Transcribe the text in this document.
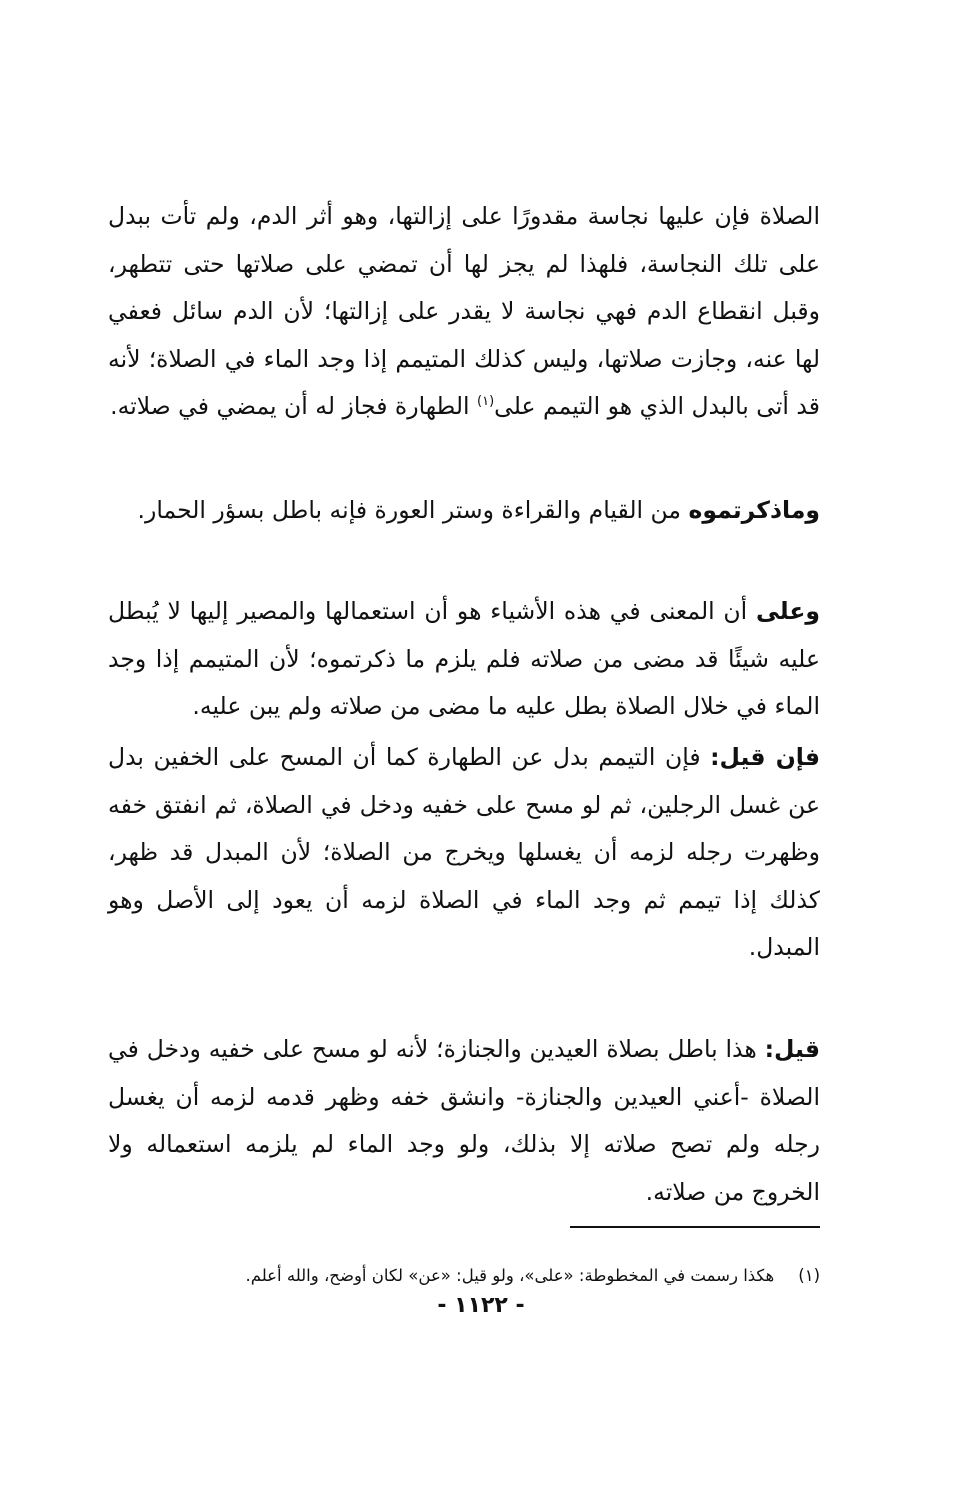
الصلاة فإن عليها نجاسة مقدورًا على إزالتها، وهو أثر الدم، ولم تأت ببدل على تلك النجاسة، فلهذا لم يجز لها أن تمضي على صلاتها حتى تتطهر، وقبل انقطاع الدم فهي نجاسة لا يقدر على إزالتها؛ لأن الدم سائل فعفي لها عنه، وجازت صلاتها، وليس كذلك المتيمم إذا وجد الماء في الصلاة؛ لأنه قد أتى بالبدل الذي هو التيمم على$^{(١)}$ الطهارة فجاز له أن يمضي في صلاته.

وماذكرتموه من القيام والقراءة وستر العورة فإنه باطل بسؤر الحمار.

وعلى أن المعنى في هذه الأشياء هو أن استعمالها والمصير إليها لا يُبطل عليه شيئًا قد مضى من صلاته فلم يلزم ما ذكرتموه؛ لأن المتيمم إذا وجد الماء في خلال الصلاة بطل عليه ما مضى من صلاته ولم يبن عليه.

فإن قيل: فإن التيمم بدل عن الطهارة كما أن المسح على الخفين بدل عن غسل الرجلين، ثم لو مسح على خفيه ودخل في الصلاة، ثم انفتق خفه وظهرت رجله لزمه أن يغسلها ويخرج من الصلاة؛ لأن المبدل قد ظهر، كذلك إذا تيمم ثم وجد الماء في الصلاة لزمه أن يعود إلى الأصل وهو المبدل.

قيل: هذا باطل بصلاة العيدين والجنازة؛ لأنه لو مسح على خفيه ودخل في الصلاة -أعني العيدين والجنازة- وانشق خفه وظهر قدمه لزمه أن يغسل رجله ولم تصح صلاته إلا بذلك، ولو وجد الماء لم يلزمه استعماله ولا الخروج من صلاته.

(١)هكذا رسمت في المخطوطة: «على»، ولو قيل: «عن» لكان أوضح، والله أعلم.

- ١١٢٢ -
